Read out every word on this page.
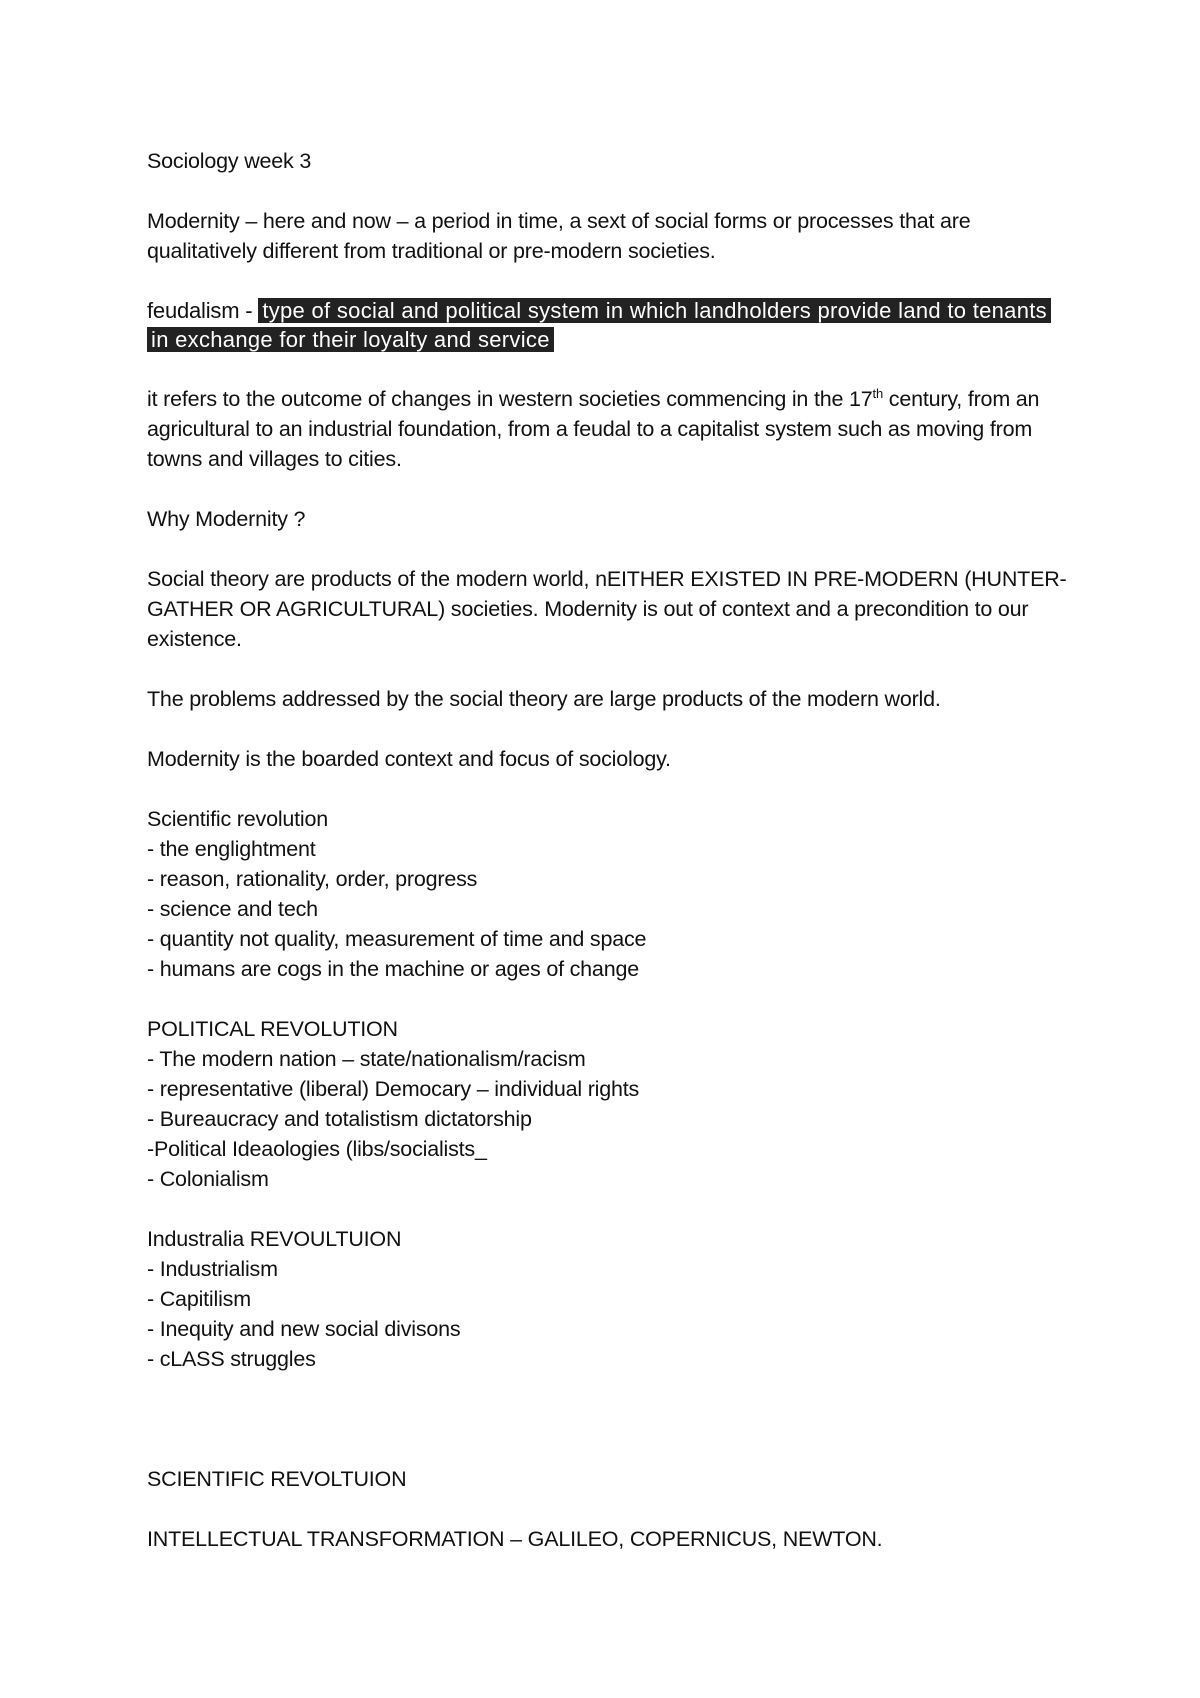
Sociology week 3

Modernity – here and now – a period in time, a sext of social forms or processes that are qualitatively different from traditional or pre-modern societies.

feudalism - type of social and political system in which landholders provide land to tenants in exchange for their loyalty and service

it refers to the outcome of changes in western societies commencing in the 17th century, from an agricultural to an industrial foundation, from a feudal to a capitalist system such as moving from towns and villages to cities.

Why Modernity ?

Social theory are products of the modern world, nEITHER EXISTED IN PRE-MODERN (HUNTER-GATHER OR AGRICULTURAL) societies. Modernity is out of context and a precondition to our existence.

The problems addressed by the social theory are large products of the modern world.

Modernity is the boarded context and focus of sociology.

Scientific revolution
- the englightment
- reason, rationality, order, progress
- science and tech
- quantity not quality, measurement of time and space
- humans are cogs in the machine or ages of change
POLITICAL REVOLUTION
- The modern nation – state/nationalism/racism
- representative (liberal) Democary – individual rights
- Bureaucracy and totalistism dictatorship
-Political Ideaologies (libs/socialists_
- Colonialism
Industralia REVOULTUION
- Industrialism
- Capitilism
- Inequity and new social divisons
- cLASS struggles

SCIENTIFIC REVOLTUION

INTELLECTUAL TRANSFORMATION – GALILEO, COPERNICUS, NEWTON.
